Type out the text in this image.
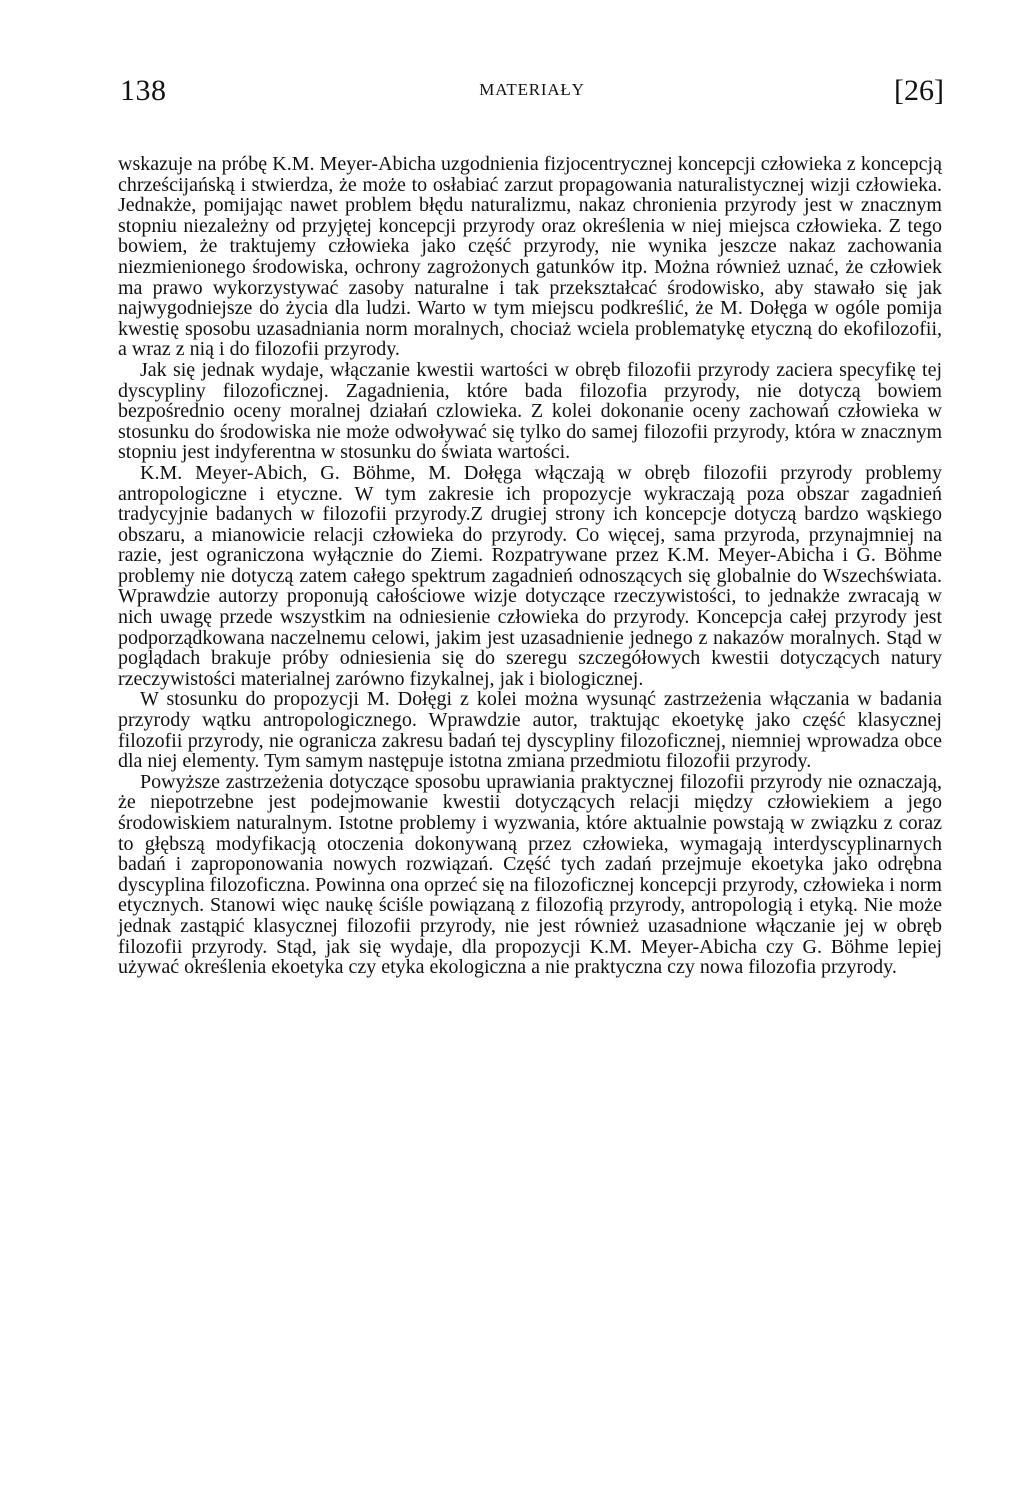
138	MATERIAŁY	[26]

wskazuje na próbę K.M. Meyer-Abicha uzgodnienia fizjocentrycznej koncepcji człowieka z koncepcją chrześcijańską i stwierdza, że może to osłabiać zarzut propagowania naturalistycznej wizji człowieka. Jednakże, pomijając nawet problem błędu naturalizmu, nakaz chronienia przyrody jest w znacznym stopniu niezależny od przyjętej koncepcji przyrody oraz określenia w niej miejsca człowieka. Z tego bowiem, że traktujemy człowieka jako część przyrody, nie wynika jeszcze nakaz zachowania niezmienionego środowiska, ochrony zagrożonych gatunków itp. Można również uznać, że człowiek ma prawo wykorzystywać zasoby naturalne i tak przekształcać środowisko, aby stawało się jak najwygodniejsze do życia dla ludzi. Warto w tym miejscu podkreślić, że M. Dołęga w ogóle pomija kwestię sposobu uzasadniania norm moralnych, chociaż wciela problematykę etyczną do ekofilozofii, a wraz z nią i do filozofii przyrody.

Jak się jednak wydaje, włączanie kwestii wartości w obręb filozofii przyrody zaciera specyfikę tej dyscypliny filozoficznej. Zagadnienia, które bada filozofia przyrody, nie dotyczą bowiem bezpośrednio oceny moralnej działań czlowieka. Z kolei dokonanie oceny zachowań człowieka w stosunku do środowiska nie może odwoływać się tylko do samej filozofii przyrody, która w znacznym stopniu jest indyferentna w stosunku do świata wartości.

K.M. Meyer-Abich, G. Böhme, M. Dołęga włączają w obręb filozofii przyrody problemy antropologiczne i etyczne. W tym zakresie ich propozycje wykraczają poza obszar zagadnień tradycyjnie badanych w filozofii przyrody.Z drugiej strony ich koncepcje dotyczą bardzo wąskiego obszaru, a mianowicie relacji człowieka do przyrody. Co więcej, sama przyroda, przynajmniej na razie, jest ograniczona wyłącznie do Ziemi. Rozpatrywane przez K.M. Meyer-Abicha i G. Böhme problemy nie dotyczą zatem całego spektrum zagadnień odnoszących się globalnie do Wszechświata. Wprawdzie autorzy proponują całościowe wizje dotyczące rzeczywistości, to jednakże zwracają w nich uwagę przede wszystkim na odniesienie człowieka do przyrody. Koncepcja całej przyrody jest podporządkowana naczelnemu celowi, jakim jest uzasadnienie jednego z nakazów moralnych. Stąd w poglądach brakuje próby odniesienia się do szeregu szczegółowych kwestii dotyczących natury rzeczywistości materialnej zarówno fizykalnej, jak i biologicznej.

W stosunku do propozycji M. Dołęgi z kolei można wysunąć zastrzeżenia włączania w badania przyrody wątku antropologicznego. Wprawdzie autor, traktując ekoetykę jako część klasycznej filozofii przyrody, nie ogranicza zakresu badań tej dyscypliny filozoficznej, niemniej wprowadza obce dla niej elementy. Tym samym następuje istotna zmiana przedmiotu filozofii przyrody.

Powyższe zastrzeżenia dotyczące sposobu uprawiania praktycznej filozofii przyrody nie oznaczają, że niepotrzebne jest podejmowanie kwestii dotyczących relacji między człowiekiem a jego środowiskiem naturalnym. Istotne problemy i wyzwania, które aktualnie powstają w związku z coraz to głębszą modyfikacją otoczenia dokonywaną przez człowieka, wymagają interdyscyplinarnych badań i zaproponowania nowych rozwiązań. Część tych zadań przejmuje ekoetyka jako odrębna dyscyplina filozoficzna. Powinna ona oprzeć się na filozoficznej koncepcji przyrody, człowieka i norm etycznych. Stanowi więc naukę ściśle powiązaną z filozofią przyrody, antropologią i etyką. Nie może jednak zastąpić klasycznej filozofii przyrody, nie jest również uzasadnione włączanie jej w obręb filozofii przyrody. Stąd, jak się wydaje, dla propozycji K.M. Meyer-Abicha czy G. Böhme lepiej używać określenia ekoetyka czy etyka ekologiczna a nie praktyczna czy nowa filozofia przyrody.
